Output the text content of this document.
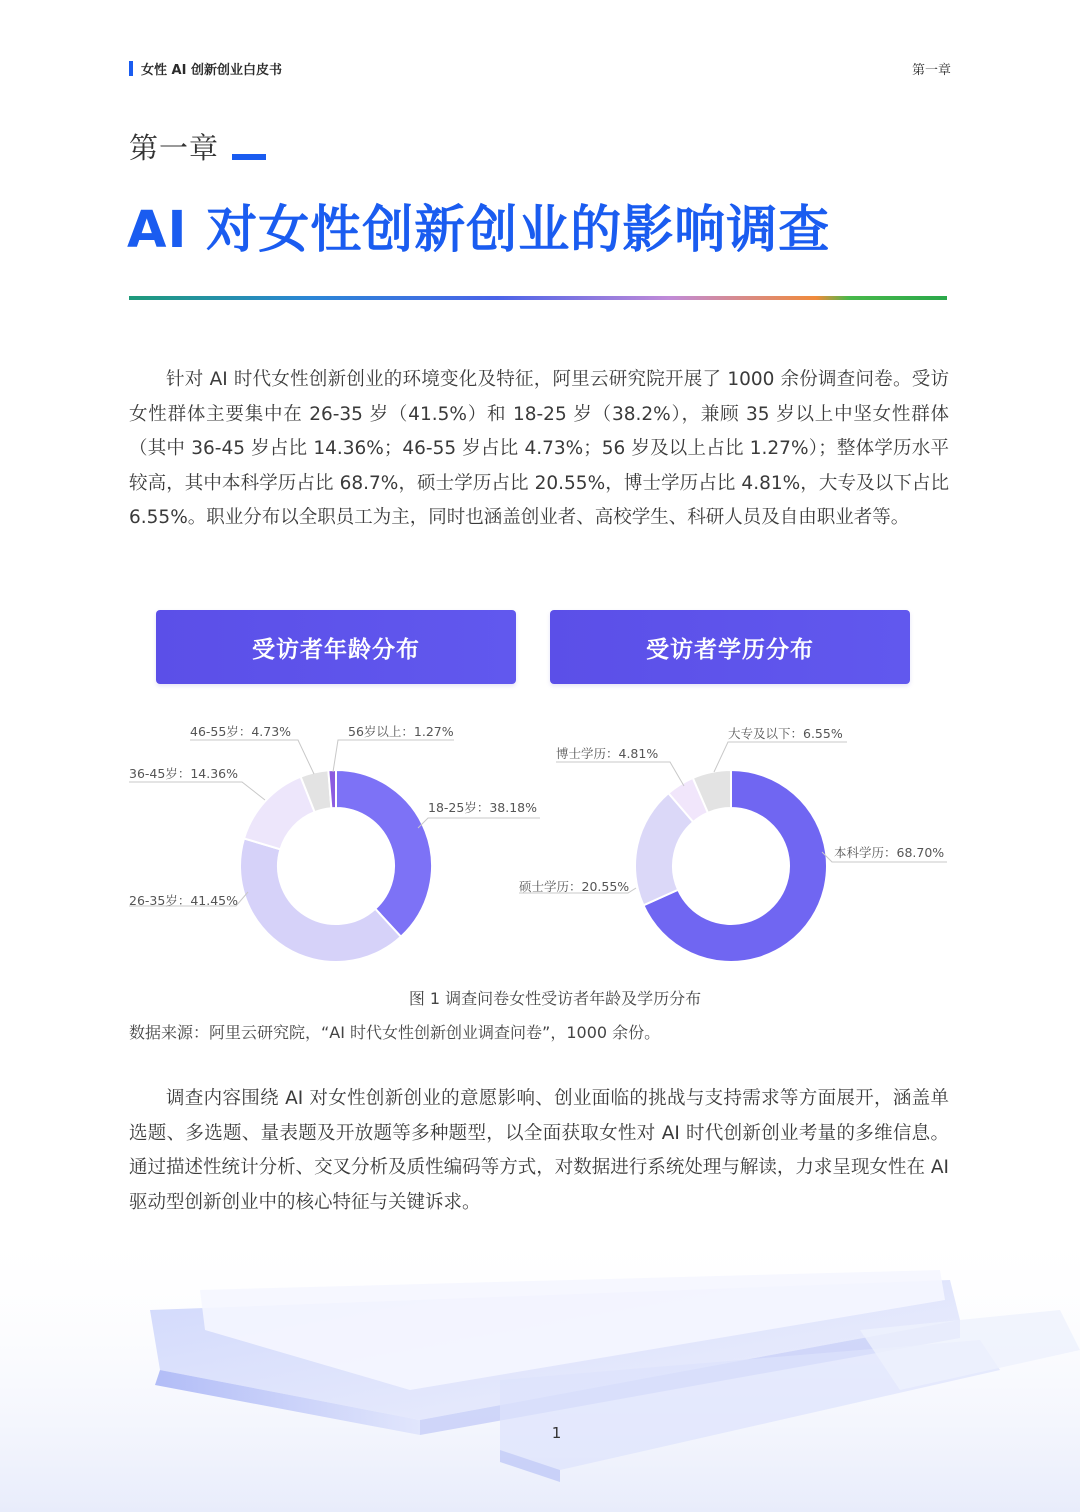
女性 AI 创新创业白皮书	第一章
第一章
AI 对女性创新创业的影响调查

针对 AI 时代女性创新创业的环境变化及特征，阿里云研究院开展了 1000 余份调查问卷。受访女性群体主要集中在 26-35 岁（41.5%）和 18-25 岁（38.2%），兼顾 35 岁以上中坚女性群体（其中 36-45 岁占比 14.36%；46-55 岁占比 4.73%；56 岁及以上占比 1.27%）；整体学历水平较高，其中本科学历占比 68.7%，硕士学历占比 20.55%，博士学历占比 4.81%，大专及以下占比 6.55%。职业分布以全职员工为主，同时也涵盖创业者、高校学生、科研人员及自由职业者等。

受访者年龄分布	受访者学历分布
18-25岁：38.18%
26-35岁：41.45%
36-45岁：14.36%
46-55岁：4.73%	56岁以上：1.27%
本科学历：68.70%
硕士学历：20.55%
博士学历：4.81%
大专及以下：6.55%
图 1 调查问卷女性受访者年龄及学历分布
数据来源：阿里云研究院，“AI 时代女性创新创业调查问卷”，1000 余份。

调查内容围绕 AI 对女性创新创业的意愿影响、创业面临的挑战与支持需求等方面展开，涵盖单选题、多选题、量表题及开放题等多种题型，以全面获取女性对 AI 时代创新创业考量的多维信息。通过描述性统计分析、交叉分析及质性编码等方式，对数据进行系统处理与解读，力求呈现女性在 AI 驱动型创新创业中的核心特征与关键诉求。

1
